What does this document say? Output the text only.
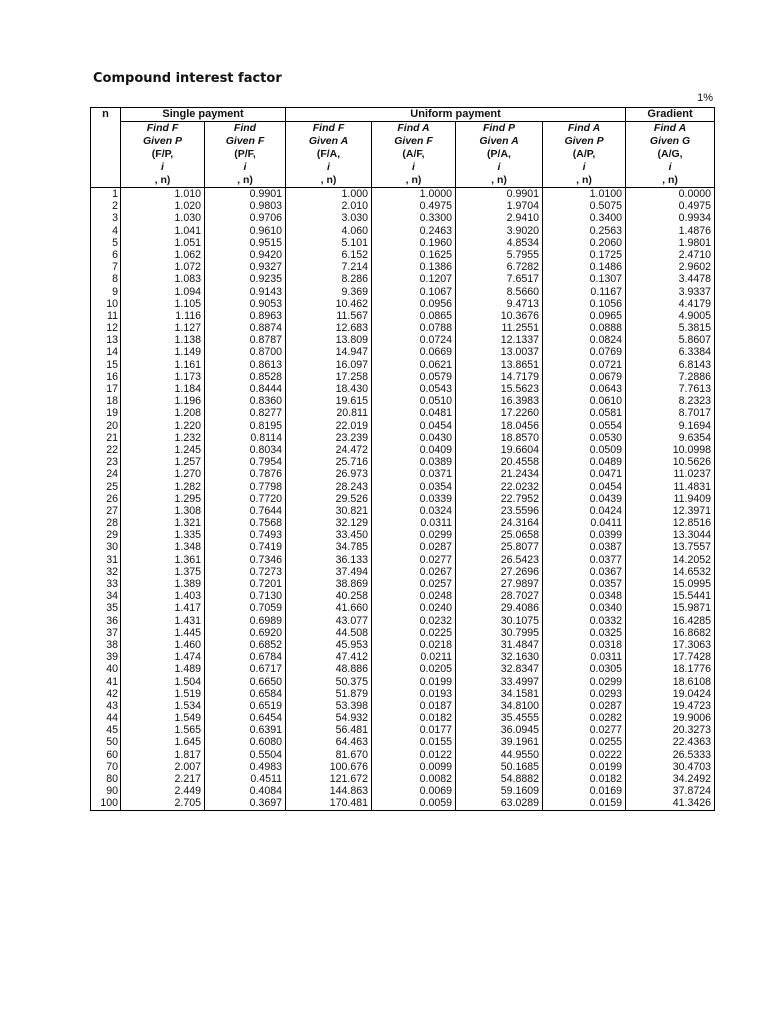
Compound interest factor
1%
n	Single payment		Uniform payment				Gradient

	Find F
Given P
(F/P,
i
, n)	Find
Given F
(P/F,
i
, n)	Find F
Given A
(F/A,
i
, n)	Find A
Given F
(A/F,
i
, n)	Find P
Given A
(P/A,
i
, n)	Find A
Given P
(A/P,
i
, n)	Find A
Given G
(A/G,
i
, n)

1	1.010	0.9901	1.000	1.0000	0.9901	1.0100	0.0000
2	1.020	0.9803	2.010	0.4975	1.9704	0.5075	0.4975
3	1.030	0.9706	3.030	0.3300	2.9410	0.3400	0.9934
4	1.041	0.9610	4.060	0.2463	3.9020	0.2563	1.4876
5	1.051	0.9515	5.101	0.1960	4.8534	0.2060	1.9801
6	1.062	0.9420	6.152	0.1625	5.7955	0.1725	2.4710
7	1.072	0.9327	7.214	0.1386	6.7282	0.1486	2.9602
8	1.083	0.9235	8.286	0.1207	7.6517	0.1307	3.4478
9	1.094	0.9143	9.369	0.1067	8.5660	0.1167	3.9337
10	1.105	0.9053	10.462	0.0956	9.4713	0.1056	4.4179
11	1.116	0.8963	11.567	0.0865	10.3676	0.0965	4.9005
12	1.127	0.8874	12.683	0.0788	11.2551	0.0888	5.3815
13	1.138	0.8787	13.809	0.0724	12.1337	0.0824	5.8607
14	1.149	0.8700	14.947	0.0669	13.0037	0.0769	6.3384
15	1.161	0.8613	16.097	0.0621	13.8651	0.0721	6.8143
16	1.173	0.8528	17.258	0.0579	14.7179	0.0679	7.2886
17	1.184	0.8444	18.430	0.0543	15.5623	0.0643	7.7613
18	1.196	0.8360	19.615	0.0510	16.3983	0.0610	8.2323
19	1.208	0.8277	20.811	0.0481	17.2260	0.0581	8.7017
20	1.220	0.8195	22.019	0.0454	18.0456	0.0554	9.1694
21	1.232	0.8114	23.239	0.0430	18.8570	0.0530	9.6354
22	1.245	0.8034	24.472	0.0409	19.6604	0.0509	10.0998
23	1.257	0.7954	25.716	0.0389	20.4558	0.0489	10.5626
24	1.270	0.7876	26.973	0.0371	21.2434	0.0471	11.0237
25	1.282	0.7798	28.243	0.0354	22.0232	0.0454	11.4831
26	1.295	0.7720	29.526	0.0339	22.7952	0.0439	11.9409
27	1.308	0.7644	30.821	0.0324	23.5596	0.0424	12.3971
28	1.321	0.7568	32.129	0.0311	24.3164	0.0411	12.8516
29	1.335	0.7493	33.450	0.0299	25.0658	0.0399	13.3044
30	1.348	0.7419	34.785	0.0287	25.8077	0.0387	13.7557
31	1.361	0.7346	36.133	0.0277	26.5423	0.0377	14.2052
32	1.375	0.7273	37.494	0.0267	27.2696	0.0367	14.6532
33	1.389	0.7201	38.869	0.0257	27.9897	0.0357	15.0995
34	1.403	0.7130	40.258	0.0248	28.7027	0.0348	15.5441
35	1.417	0.7059	41.660	0.0240	29.4086	0.0340	15.9871
36	1.431	0.6989	43.077	0.0232	30.1075	0.0332	16.4285
37	1.445	0.6920	44.508	0.0225	30.7995	0.0325	16.8682
38	1.460	0.6852	45.953	0.0218	31.4847	0.0318	17.3063
39	1.474	0.6784	47.412	0.0211	32.1630	0.0311	17.7428
40	1.489	0.6717	48.886	0.0205	32.8347	0.0305	18.1776
41	1.504	0.6650	50.375	0.0199	33.4997	0.0299	18.6108
42	1.519	0.6584	51.879	0.0193	34.1581	0.0293	19.0424
43	1.534	0.6519	53.398	0.0187	34.8100	0.0287	19.4723
44	1.549	0.6454	54.932	0.0182	35.4555	0.0282	19.9006
45	1.565	0.6391	56.481	0.0177	36.0945	0.0277	20.3273
50	1.645	0.6080	64.463	0.0155	39.1961	0.0255	22.4363
60	1.817	0.5504	81.670	0.0122	44.9550	0.0222	26.5333
70	2.007	0.4983	100.676	0.0099	50.1685	0.0199	30.4703
80	2.217	0.4511	121.672	0.0082	54.8882	0.0182	34.2492
90	2.449	0.4084	144.863	0.0069	59.1609	0.0169	37.8724
100	2.705	0.3697	170.481	0.0059	63.0289	0.0159	41.3426
